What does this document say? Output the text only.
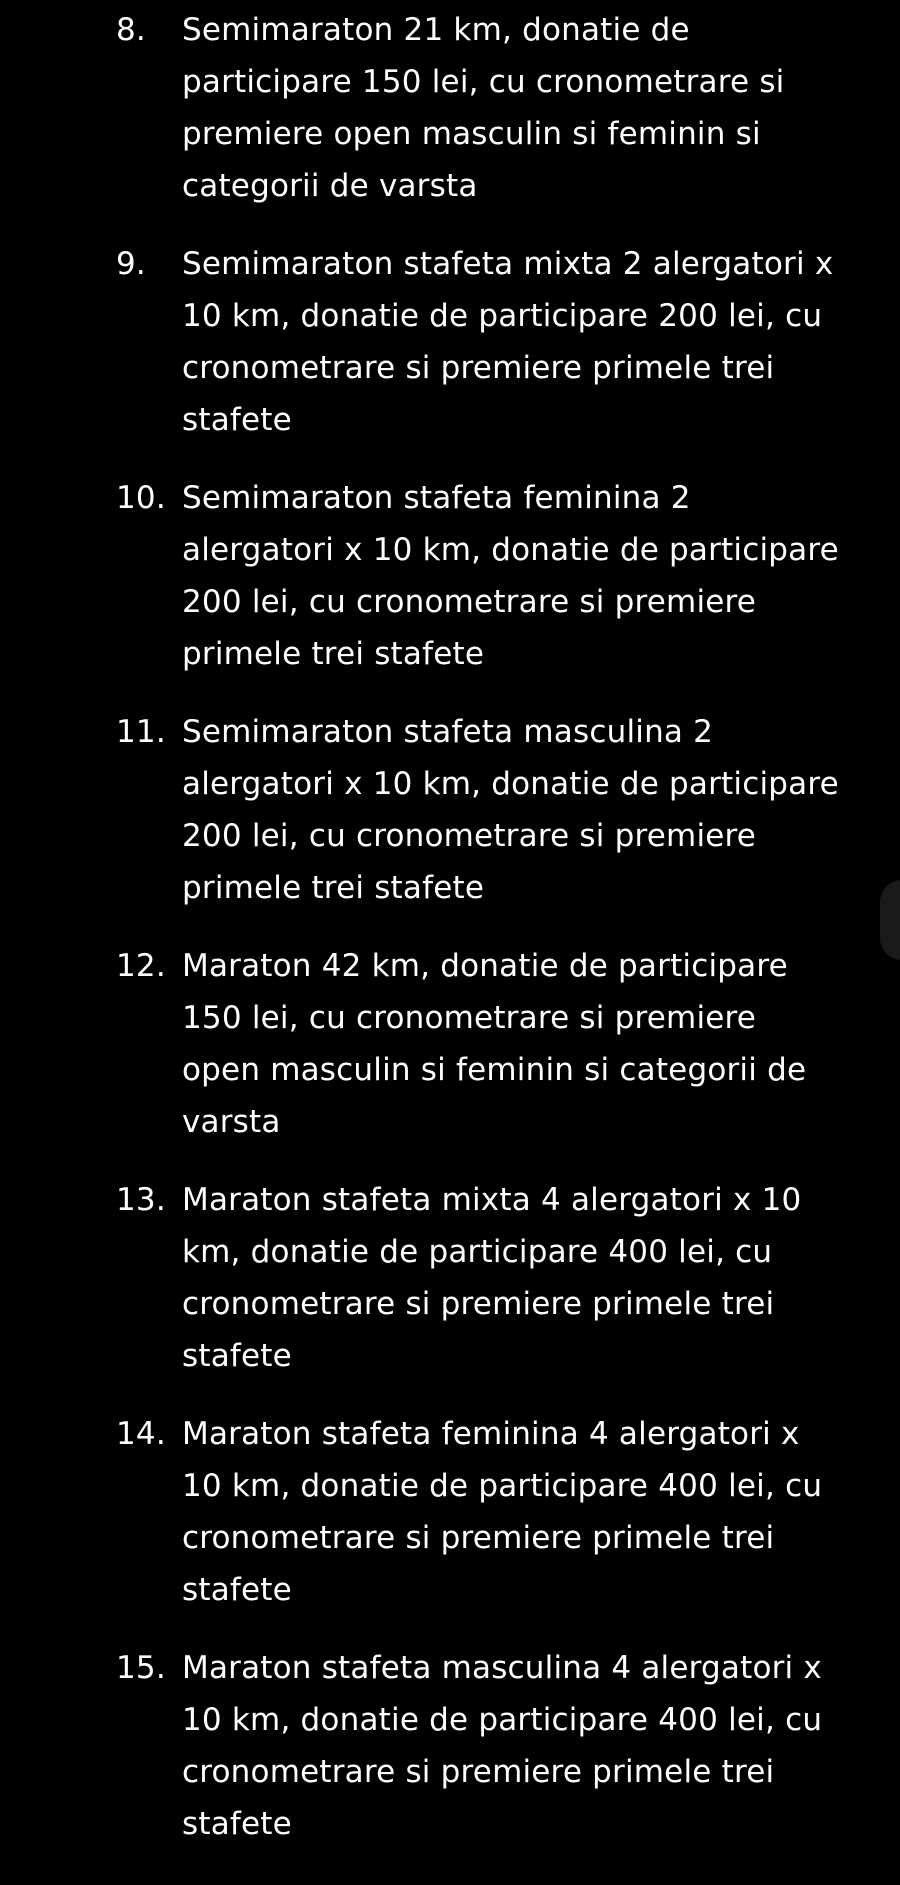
8. Semimaraton 21 km, donatie de
participare 150 lei, cu cronometrare si
premiere open masculin si feminin si
categorii de varsta
9. Semimaraton stafeta mixta 2 alergatori x
10 km, donatie de participare 200 lei, cu
cronometrare si premiere primele trei
stafete
10. Semimaraton stafeta feminina 2
alergatori x 10 km, donatie de participare
200 lei, cu cronometrare si premiere
primele trei stafete
11. Semimaraton stafeta masculina 2
alergatori x 10 km, donatie de participare
200 lei, cu cronometrare si premiere
primele trei stafete
12. Maraton 42 km, donatie de participare
150 lei, cu cronometrare si premiere
open masculin si feminin si categorii de
varsta
13. Maraton stafeta mixta 4 alergatori x 10
km, donatie de participare 400 lei, cu
cronometrare si premiere primele trei
stafete
14. Maraton stafeta feminina 4 alergatori x
10 km, donatie de participare 400 lei, cu
cronometrare si premiere primele trei
stafete
15. Maraton stafeta masculina 4 alergatori x
10 km, donatie de participare 400 lei, cu
cronometrare si premiere primele trei
stafete
